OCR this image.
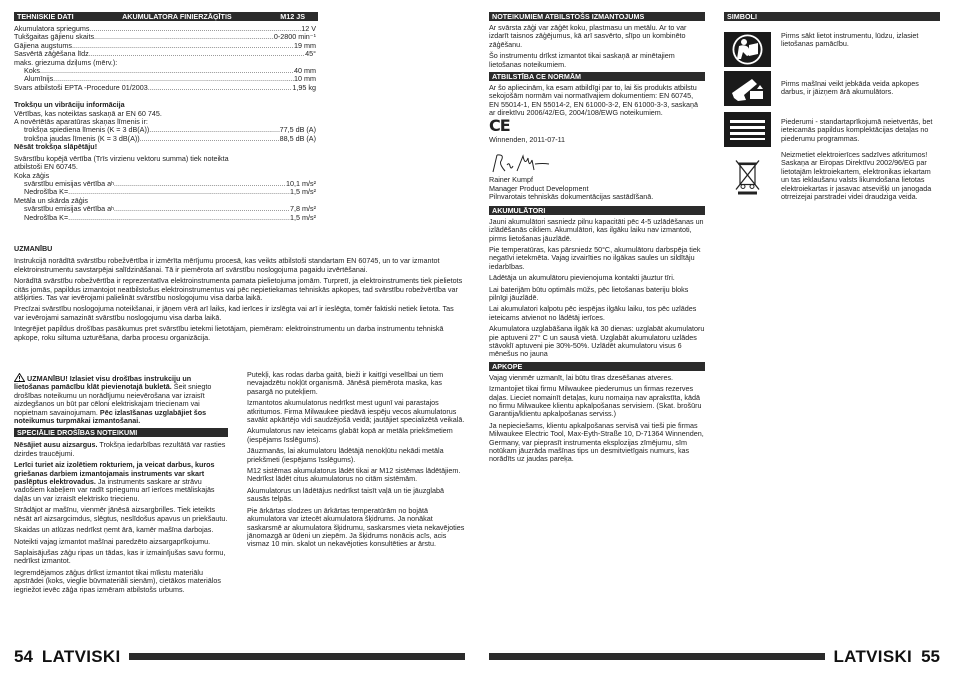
TEHNISKIE DATI	AKUMULATORA FINIERZĀĢĪTIS	M12 JS
Akumulatora spriegums .....	12 V
Tukšgaitas gājienu skaits .....	0-2800 min⁻¹
Gājiena augstums .....	19 mm
Sasvērtā zāģēšana līdz .....	45°
maks. griezuma dziļums (mērv.):
Koks .....	40 mm
Alumīnijs .....	10 mm
Svars atbilstoši EPTA -Procedure 01/2003 .....	1,95 kg
Trokšņu un vibrāciju informācija
Vērtības, kas noteiktas saskaņā ar EN 60 745.
A novērtētās aparatūras skaņas līmenis ir:
trokšņa spiediena līmenis (K = 3 dB(A)) .....	77,5 dB (A)
trokšņa jaudas līmenis (K = 3 dB(A)) .....	88,5 dB (A)
Nēsāt trokšņa slāpētāju!
Svārstību kopējā vērtība (Trīs virzienu vektoru summa) tiek noteikta atbilstoši EN 60745.
Koka zāģis
svārstību emisijas vērtība a h .....	10,1 m/s²
Nedrošība K= .....	1,5 m/s²
Metāla un skārda zāģis
svārstību emisijas vērtība a h .....	7,8 m/s²
Nedrošība K= .....	1,5 m/s²
UZMANĪBU
Instrukcijā norādītā svārstību robežvērtība ir izmērīta mērījumu procesā, kas veikts atbilstoši standartam EN 60745, un to var izmantot elektroinstrumentu savstarpējai salīdzināšanai. Tā ir piemērota arī svārstību noslogojuma pagaidu izvērtēšanai.
Norādītā svārstību robežvērtība ir reprezentatīva elektroinstrumenta pamata pielietojuma jomām. Turpretī, ja elektroinstruments tiek pielietots citās jomās, papildus izmantojot neatbilstošus elektroinstrumentus vai pēc nepietiekamas tehniskās apkopes, tad svārstību robežvērtība var atšķirties. Tas var ievērojami palielināt svārstību noslogojumu visa darba laikā.
Precīzai svārstību noslogojuma noteikšanai, ir jāņem vērā arī laiks, kad ierīces ir izslēgta vai arī ir ieslēgta, tomēr faktiski netiek lietota. Tas var ievērojami samazināt svārstību noslogojumu visa darba laikā.
Integrējiet papildus drošības pasākumus pret svārstību ietekmi lietotājam, piemēram: elektroinstrumentu un darba instrumentu tehniskā apkope, roku siltuma uzturēšana, darba procesu organizācija.
UZMANĪBU! Izlasiet visu drošības instrukciju un lietošanas pamācību klāt pievienotajā bukletā. Šeit sniegto drošības noteikumu un norādījumu neievērošana var izraisīt aizdegšanos un būt par cēloni elektriskajam triecienam vai nopietnam savainojumam. Pēc izlasīšanas uzglabājiet šos noteikumus turpmākai izmantošanai.
SPECIĀLIE DROŠĪBAS NOTEIKUMI
Nēsājiet ausu aizsargus. Trokšņa iedarbības rezultātā var rasties dzirdes traucējumi.
Lerīci turiet aiz izolētiem rokturiem, ja veicat darbus, kuros griešanas darbiem izmantojamais instruments var skart paslēptus elektrovadus. Ja instruments saskare ar strāvu vadošiem kabeļiem var radīt spriegumu arī ierīces metāliskajās daļās un var izraisīt elektrisko triecienu.
Strādājot ar mašīnu, vienmēr jānēsā aizsargbrilles. Tiek ieteikts nēsāt arī aizsargcimdus, slēgtus, neslīdošus apavus un priekšautu.
Skaidas un atlūzas nedrīkst ņemt ārā, kamēr mašīna darbojas.
Noteikti vajag izmantot mašīnai paredzēto aizsargaprīkojumu.
Saplaisājušas zāģu ripas un tādas, kas ir izmainījušas savu formu, nedrīkst izmantot.
Iegremdējamos zāģus drīkst izmantot tikai mīkstu materiālu apstrādei (koks, vieglie būvmateriāli sienām), cietākos materiālos iegriežot ievēc zāģa ripas izmēram atbilstošs urbums.
Putekļi, kas rodas darba gaitā, bieži ir kaitīgi veselībai un tiem nevajadzētu nokļūt organismā. Jānēsā piemērota maska, kas pasargā no putekļiem.
Izmantotos akumulatorus nedrīkst mest ugunī vai parastajos atkritumos. Firma Milwaukee piedāvā iespēju vecos akumulatorus savākt apkārtējo vidi saudzējošā veidā; jautājiet specializētā veikalā.
Akumulatorus nav ieteicams glabāt kopā ar metāla priekšmetiem (iespējams īsslēgums).
Jāuzmanās, lai akumulatoru lādētājā nenokļūtu nekādi metāla priekšmeti (iespējams īsslēgums).
M12 sistēmas akumulatorus lādēt tikai ar M12 sistēmas lādētājiem. Nedrīkst lādēt citus akumulatorus no citām sistēmām.
Akumulatorus un lādētājus nedrīkst taisīt vaļā un tie jāuzglabā sausās telpās.
Pie ārkārtas slodzes un ārkārtas temperatūrām no bojātā akumulatora var iztecēt akumulatora šķidrums. Ja nonākat saskarsmē ar akumulatora šķidrumu, saskarsmes vieta nekavējoties jānomazgā ar ūdeni un ziepēm. Ja šķidrums nonācis acīs, acis vismaz 10 min. skalot un nekavējoties konsultēties ar ārstu.
54 LATVISKI
NOTEIKUMIEM ATBILSTOŠS IZMANTOJUMS
Ar svārsta zāģi var zāģēt koku, plastmasu un metālu. Ar to var izdarīt taisnos zāģējumus, kā arī sasvērto, slīpo un kombinēto zāģēšanu.
Šo instrumentu drīkst izmantot tikai saskaņā ar minētajiem lietošanas noteikumiem.
ATBILSTĪBA CE NORMĀM
Ar šo apliecinām, ka esam atbildīgi par to, lai šis produkts atbilstu sekojošām normām vai normatīvajiem dokumentiem: EN 60745, EN 55014-1, EN 55014-2, EN 61000-3-2, EN 61000-3-3, saskaņā ar direktīvu 2006/42/EG, 2004/108/EWG noteikumiem.
CE
Winnenden, 2011-07-11
Rainer Kumpf
Manager Product Development
Pilnvarotais tehniskās dokumentācijas sastādīšanā.
AKUMULĀTORI
Jauni akumulātori sasniedz pilnu kapacitāti pēc 4-5 uzlādēšanas un izlādēšanās cikliem. Akumulātori, kas ilgāku laiku nav izmantoti, pirms lietošanas jāuzlādē.
Pie temperatūras, kas pārsniedz 50°C, akumulātoru darbspēja tiek negatīvi ietekmēta. Vajag izvairīties no ilgākas saules un sildītāju iedarbības.
Lādētāja un akumulātoru pievienojuma kontakti jāuztur tīri.
Lai baterijām būtu optimāls mūžs, pēc lietošanas bateriju bloks pilnīgi jāuzlādē.
Lai akumulatori kalpotu pēc iespējas ilgāku laiku, tos pēc uzlādes ieteicams atvienot no lādētāj ierīces.
Akumulatora uzglabāšana ilgāk kā 30 dienas: uzglabāt akumulatoru pie aptuveni 27° C un sausā vietā. Uzglabāt akumulatoru uzlādes stāvoklī aptuveni pie 30%-50%. Uzlādēt akumulatoru visus 6 mēnešus no jauna
APKOPE
Vajag vienmēr uzmanīt, lai būtu tīras dzesēšanas atveres.
Izmantojiet tikai firmu Milwaukee piederumus un firmas rezerves daļas. Lieciet nomainīt detaļas, kuru nomaiņa nav aprakstīta, kādā no firmu Milwaukee klientu apkalpošanas servisiem. (Skat. brošūru Garantija/klientu apkalpošanas serviss.)
Ja nepieciešams, klientu apkalpošanas servisā vai tieši pie firmas Milwaukee Electric Tool, Max-Eyth-Straße 10, D-71364 Winnenden, Germany, var pieprasīt instrumenta eksplozijas zīmējumu, sīm notūkam jāuzrāda mašīnas tips un desmitvietīgais numurs, kas norādīts uz jaudas pareķa.
SIMBOLI
Pirms sākt lietot instrumentu, lūdzu, izlasiet lietošanas pamācību.
Pirms mašīnai veikt jebkāda veida apkopes darbus, ir jāizņem ārā akumulātors.
Piederumi - standartaprīkojumā neietvertās, bet ieteicamās papildus komplektācijas detaļas no piederumu programmas.
Neizmetiet elektroierīces sadzīves atkritumos! Saskaņa ar Eiropas Direktīvu 2002/96/EG par lietotajām lektroiekartem, elektronikas iekartam un tas ieklaušanu valsts likumdošana lietotas elektroiekartas ir jasavac atsevišķi un janogada otrreizejai parstradei videi draudziga veida.
LATVISKI 55
